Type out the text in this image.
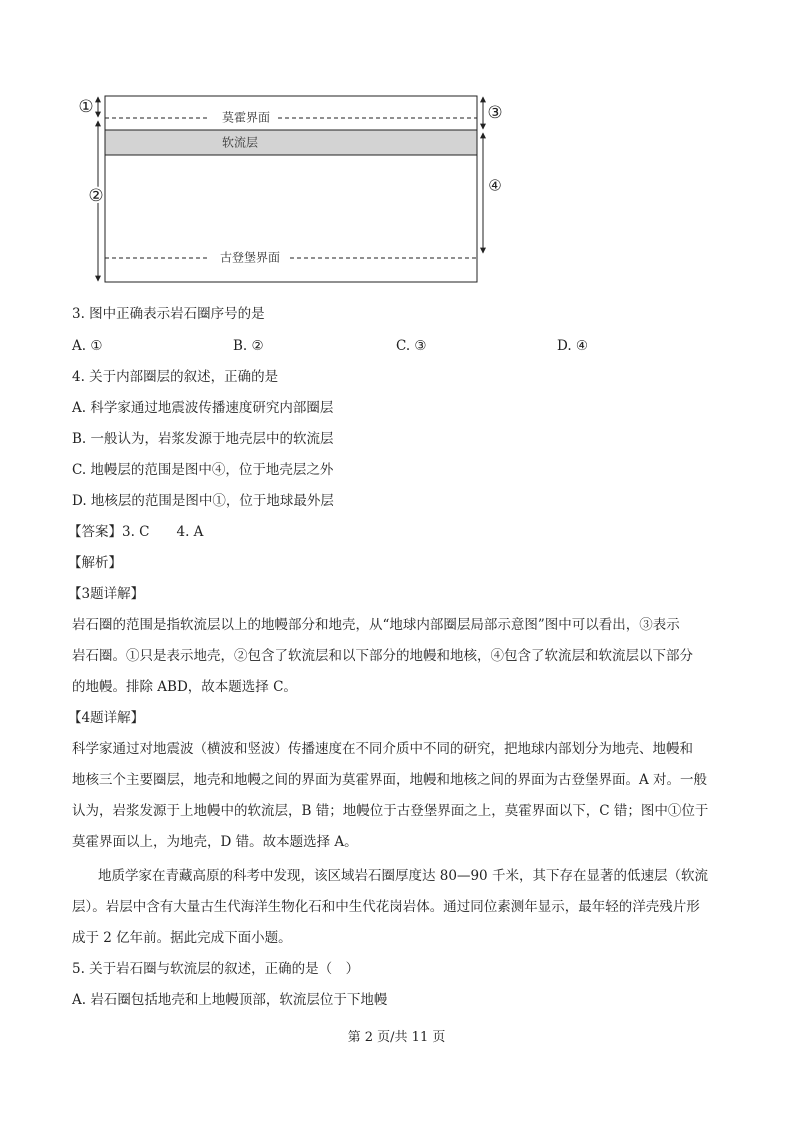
莫霍界面
软流层
古登堡界面
①
②
③
④
3. 图中正确表示岩石圈序号的是
A. ①	B. ②	C. ③	D. ④
4. 关于内部圈层的叙述，正确的是
A. 科学家通过地震波传播速度研究内部圈层
B. 一般认为，岩浆发源于地壳层中的软流层
C. 地幔层的范围是图中④，位于地壳层之外
D. 地核层的范围是图中①，位于地球最外层
【答案】3. C　　4. A
【解析】
【3题详解】
岩石圈的范围是指软流层以上的地幔部分和地壳，从“地球内部圈层局部示意图”图中可以看出，③表示
岩石圈。①只是表示地壳，②包含了软流层和以下部分的地幔和地核，④包含了软流层和软流层以下部分
的地幔。排除 ABD，故本题选择 C。
【4题详解】
科学家通过对地震波（横波和竖波）传播速度在不同介质中不同的研究，把地球内部划分为地壳、地幔和
地核三个主要圈层，地壳和地幔之间的界面为莫霍界面，地幔和地核之间的界面为古登堡界面。A 对。一般
认为，岩浆发源于上地幔中的软流层，B 错；地幔位于古登堡界面之上，莫霍界面以下，C 错；图中①位于
莫霍界面以上，为地壳，D 错。故本题选择 A。
地质学家在青藏高原的科考中发现，该区域岩石圈厚度达 80—90 千米，其下存在显著的低速层（软流
层）。岩层中含有大量古生代海洋生物化石和中生代花岗岩体。通过同位素测年显示，最年轻的洋壳残片形
成于 2 亿年前。据此完成下面小题。
5. 关于岩石圈与软流层的叙述，正确的是（　）
A. 岩石圈包括地壳和上地幔顶部，软流层位于下地幔
第 2 页/共 11 页
